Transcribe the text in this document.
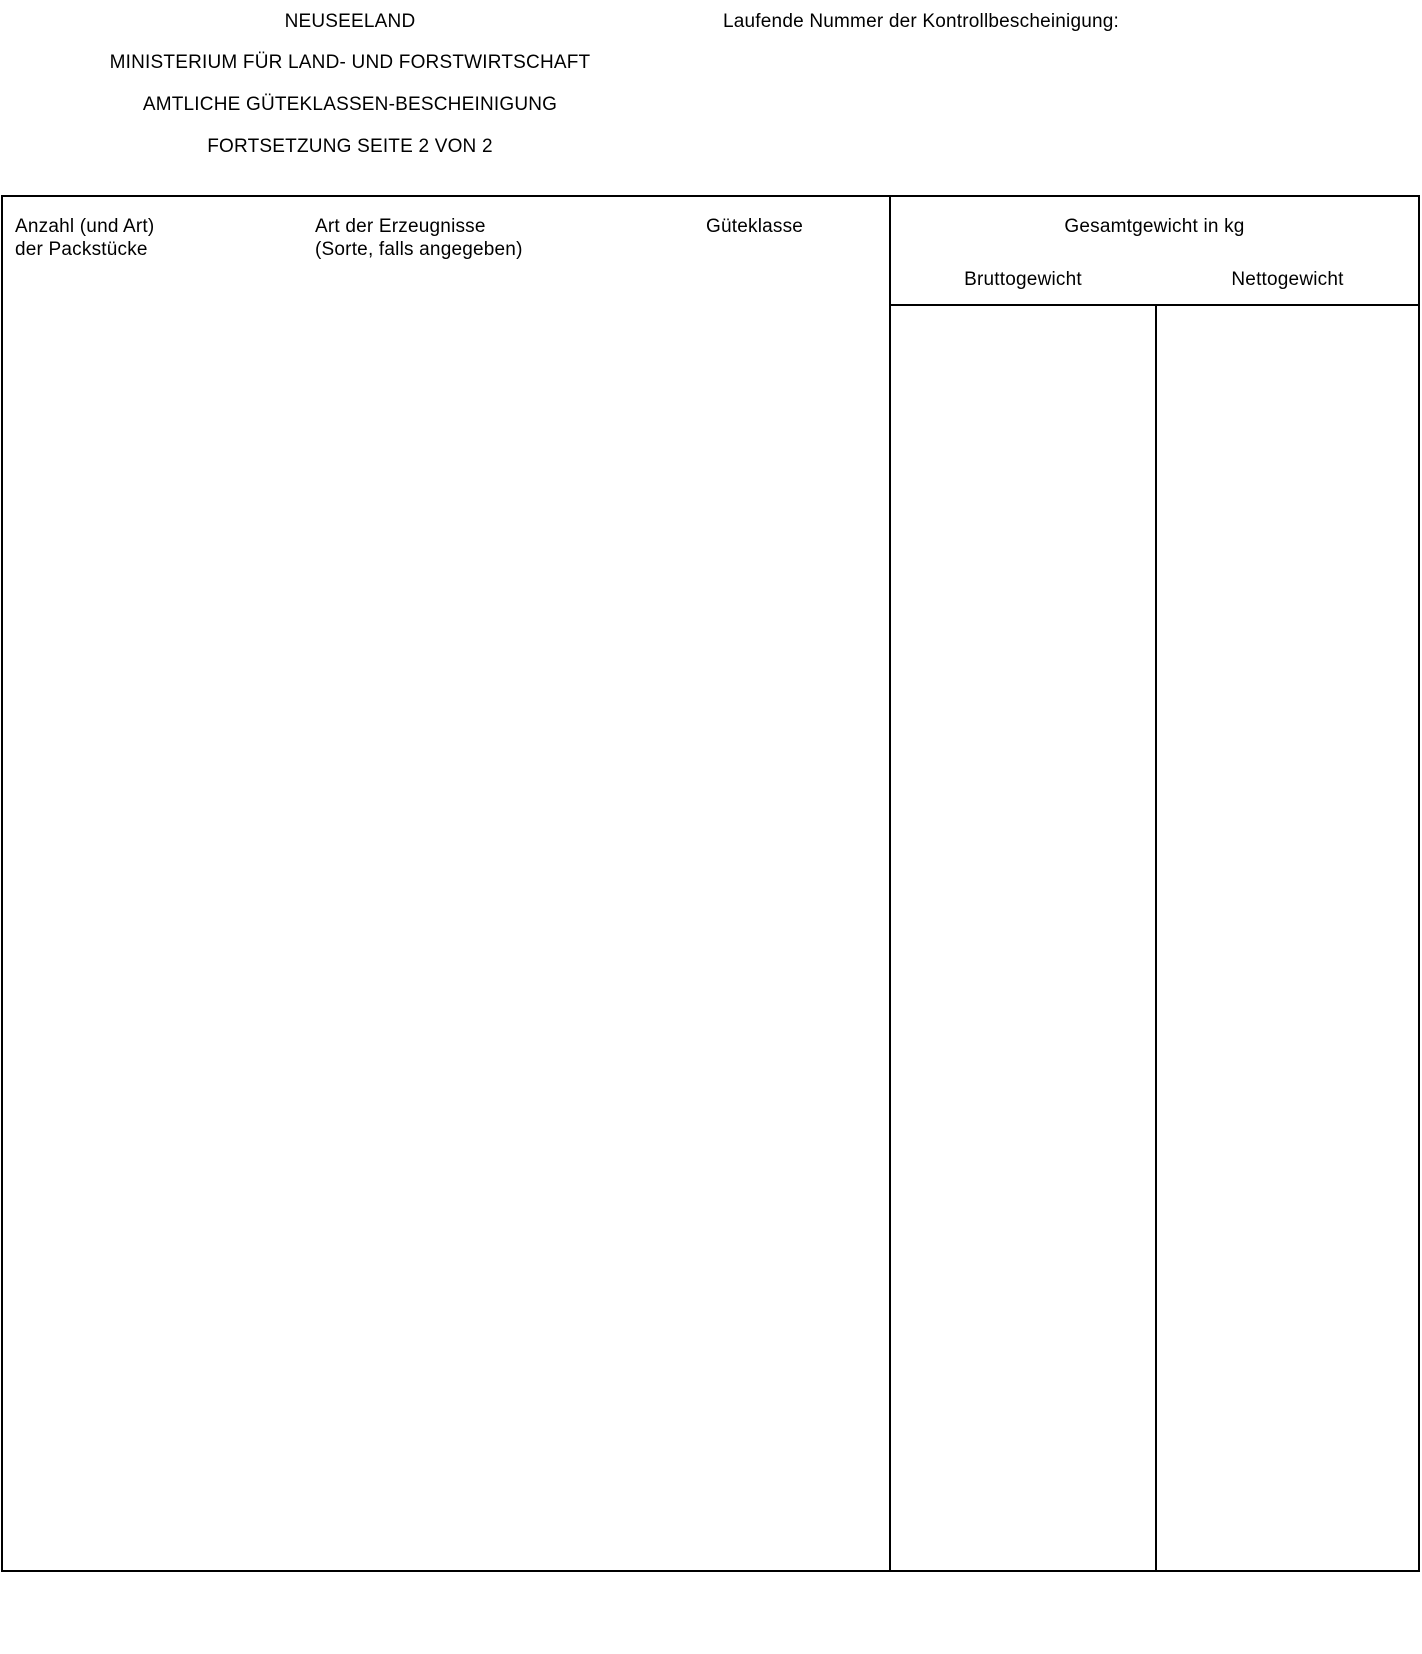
NEUSEELAND
MINISTERIUM FÜR LAND- UND FORSTWIRTSCHAFT
AMTLICHE GÜTEKLASSEN-BESCHEINIGUNG
FORTSETZUNG SEITE 2 VON 2
Laufende Nummer der Kontrollbescheinigung:
Anzahl (und Art)
der Packstücke
Art der Erzeugnisse
(Sorte, falls angegeben)
Güteklasse	Gesamtgewicht in kg
Bruttogewicht	Nettogewicht
